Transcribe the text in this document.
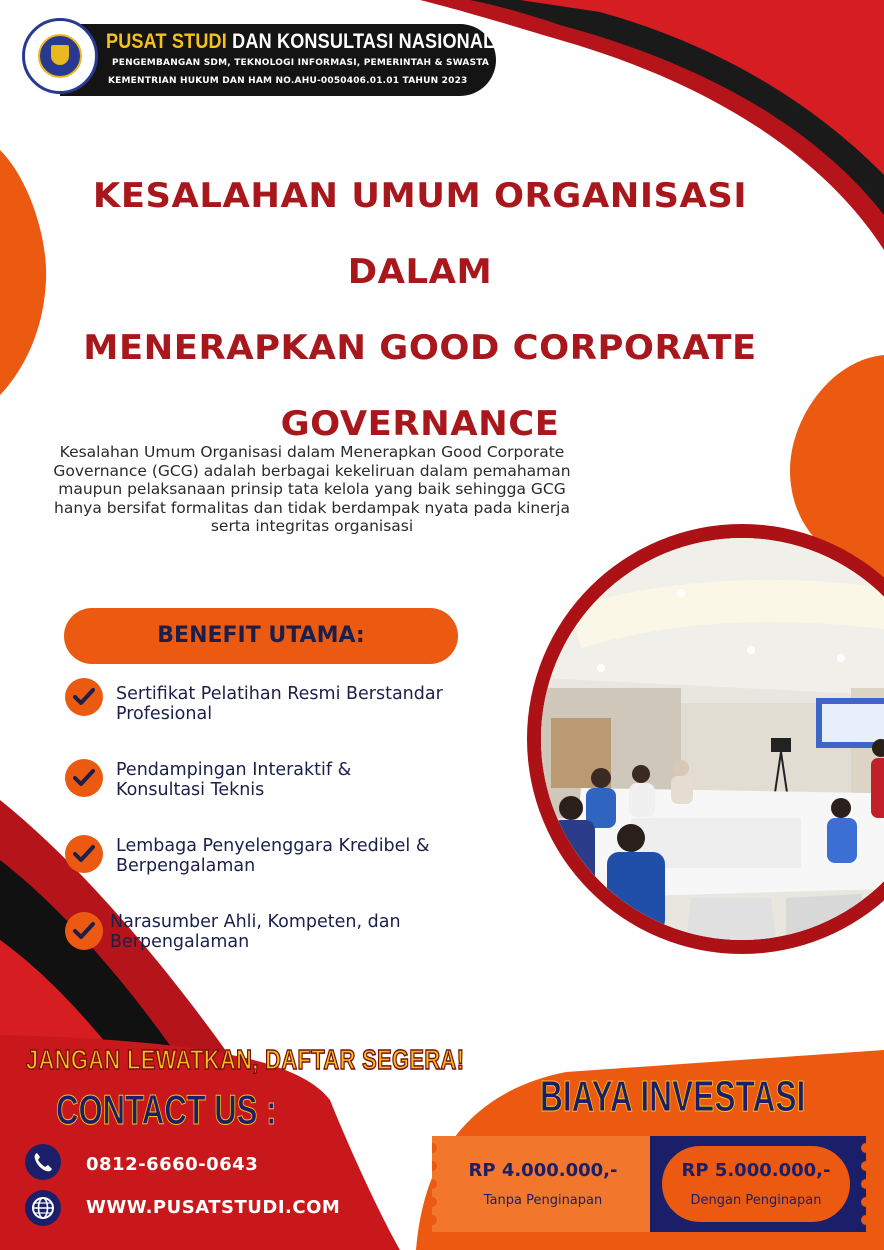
PUSAT STUDI DAN KONSULTASI NASIONAL
PENGEMBANGAN SDM, TEKNOLOGI INFORMASI, PEMERINTAH & SWASTA
KEMENTRIAN HUKUM DAN HAM NO.AHU-0050406.01.01 TAHUN 2023
KESALAHAN UMUM ORGANISASI DALAM
MENERAPKAN GOOD CORPORATE
GOVERNANCE
Kesalahan Umum Organisasi dalam Menerapkan Good Corporate Governance (GCG) adalah berbagai kekeliruan dalam pemahaman maupun pelaksanaan prinsip tata kelola yang baik sehingga GCG hanya bersifat formalitas dan tidak berdampak nyata pada kinerja serta integritas organisasi
BENEFIT UTAMA:
Sertifikat Pelatihan Resmi Berstandar Profesional
Pendampingan Interaktif & Konsultasi Teknis
Lembaga Penyelenggara Kredibel & Berpengalaman
Narasumber Ahli, Kompeten, dan Berpengalaman
JANGAN LEWATKAN, DAFTAR SEGERA!
CONTACT US :
0812-6660-0643
WWW.PUSATSTUDI.COM
BIAYA INVESTASI
RP 4.000.000,-
Tanpa Penginapan
RP 5.000.000,-
Dengan Penginapan
